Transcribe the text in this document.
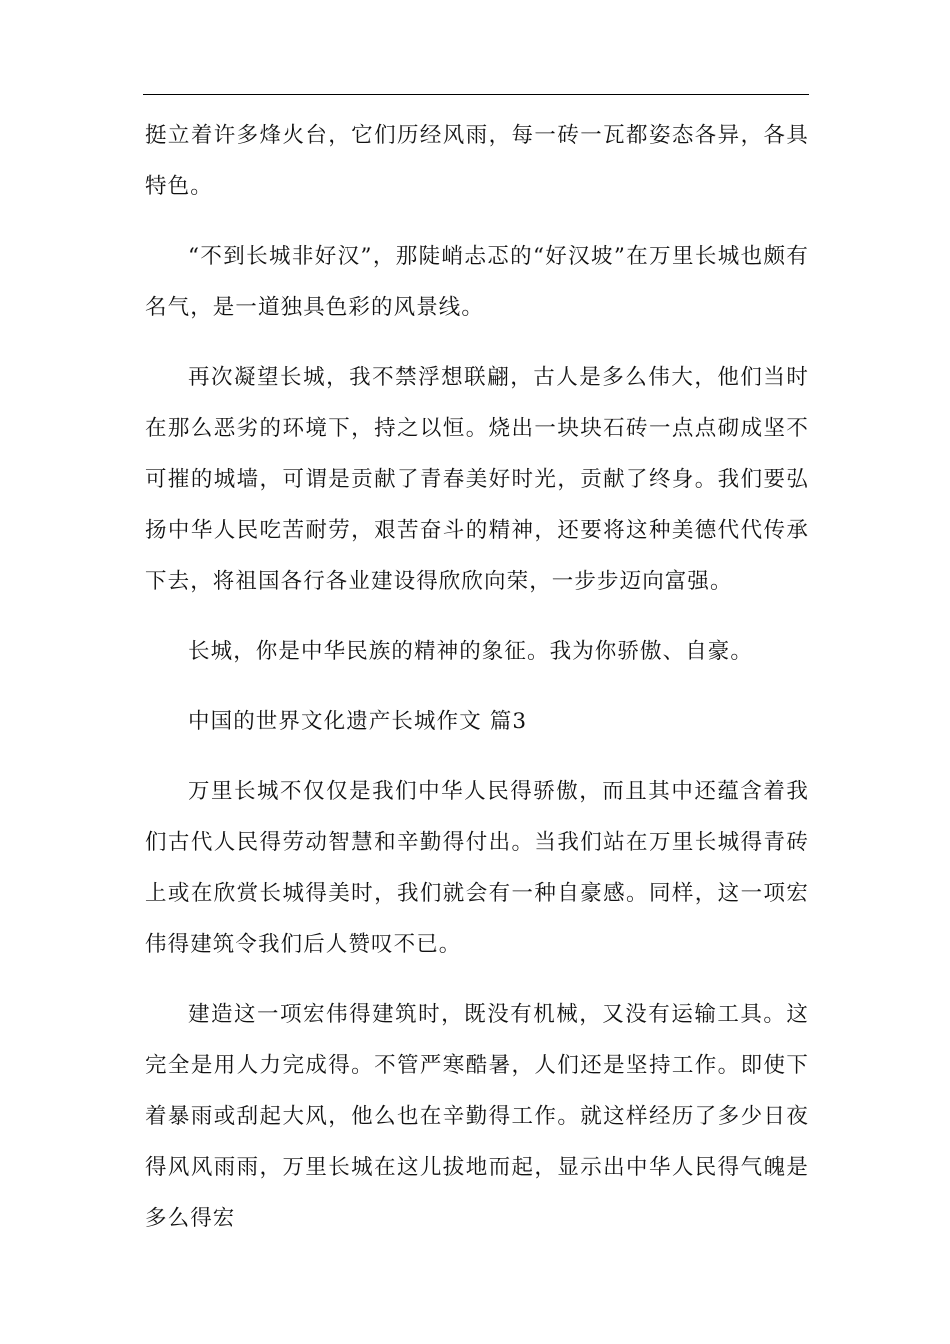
挺立着许多烽火台，它们历经风雨，每一砖一瓦都姿态各异，各具特色。

“不到长城非好汉”，那陡峭忐忑的“好汉坡”在万里长城也颇有名气，是一道独具色彩的风景线。

再次凝望长城，我不禁浮想联翩，古人是多么伟大，他们当时在那么恶劣的环境下，持之以恒。烧出一块块石砖一点点砌成坚不可摧的城墙，可谓是贡献了青春美好时光，贡献了终身。我们要弘扬中华人民吃苦耐劳，艰苦奋斗的精神，还要将这种美德代代传承下去，将祖国各行各业建设得欣欣向荣，一步步迈向富强。

长城，你是中华民族的精神的象征。我为你骄傲、自豪。

中国的世界文化遗产长城作文 篇3

万里长城不仅仅是我们中华人民得骄傲，而且其中还蕴含着我们古代人民得劳动智慧和辛勤得付出。当我们站在万里长城得青砖上或在欣赏长城得美时，我们就会有一种自豪感。同样，这一项宏伟得建筑令我们后人赞叹不已。

建造这一项宏伟得建筑时，既没有机械，又没有运输工具。这完全是用人力完成得。不管严寒酷暑，人们还是坚持工作。即使下着暴雨或刮起大风，他么也在辛勤得工作。就这样经历了多少日夜得风风雨雨，万里长城在这儿拔地而起，显示出中华人民得气魄是多么得宏
